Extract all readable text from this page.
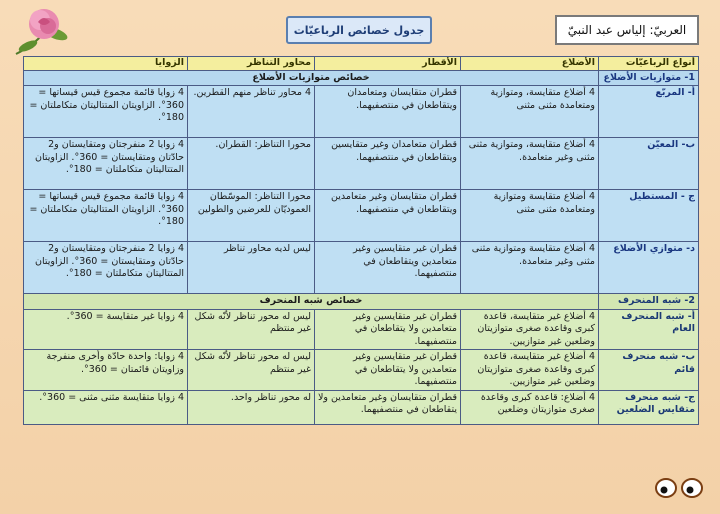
جدول خصائص الرباعيّات	العربيّ: إلياس عبد النبيّ
أنواع الرباعيّات	الأضلاع	الأقطار	محاور التناظر	الزوايا
1- متوازيات الأضلاع	خصائص متوازيات الأضلاع			
أ- المربّع	4 أضلاع متقايسة، ومتوازية ومتعامدة مثنى مثنى	قطران متقايسان ومتعامدان ويتقاطعان في منتصفيهما.	4 محاور تناظر منهم القطرين.	4 زوايا قائمة مجموع قيس قيساتها = 360°. الزاويتان المتتاليتان متكاملتان = 180°.
ب- المعيّن	4 أضلاع متقايسة، ومتوازية مثنى مثنى وغير متعامدة.	قطران متعامدان وغير متقايسين ويتقاطعان في منتصفيهما.	محورا التناظر: القطران.	4 زوايا 2 منفرجتان ومتقايستان و2 حادّتان ومتقايستان = 360°. الزاويتان المتتاليتان متكاملتان = 180°.
ج - المستطيل	4 أضلاع متقايسة ومتوازية ومتعامدة مثنى مثنى	قطران متقايسان وغير متعامدين ويتقاطعان في منتصفيهما.	محورا التناظر: الموسّطان العموديّان للعرضين والطولين	4 زوايا قائمة مجموع قيس قيساتها = 360°. الزاويتان المتتاليتان متكاملتان = 180°.
د- متوازي الأضلاع	4 أضلاع متقايسة ومتوازية مثنى مثنى وغير متعامدة.	قطران غير متقايسين وغير متعامدين ويتقاطعان في منتصفيهما.	ليس لديه محاور تناظر	4 زوايا 2 منفرجتان ومتقايستان و2 حادّتان ومتقايستان = 360°. الزاويتان المتتاليتان متكاملتان = 180°.
2- شبه المنحرف	خصائص شبه المنحرف			
أ- شبه المنحرف العام	4 أضلاع غير متقايسة، قاعدة كبرى وقاعدة صغرى متوازيتان وضلعين غير متوازيين.	قطران غير متقايسين وغير متعامدين ولا يتقاطعان في منتصفيهما.	ليس له محور تناظر لأنّه شكل غير منتظم	4 زوايا غير متقايسة = 360°.
ب- شبه منحرف قائم	4 أضلاع غير متقايسة، قاعدة كبرى وقاعدة صغرى متوازيتان وضلعين غير متوازيين.	قطران غير متقايسين وغير متعامدين ولا يتقاطعان في منتصفيهما.	ليس له محور تناظر لأنّه شكل غير منتظم	4 زوايا: واحدة حادّة وأخرى منفرجة وزاويتان قائمتان = 360°.
ج- شبه منحرف متقايس الضلعين	4 أضلاع: قاعدة كبرى وقاعدة صغرى متوازيتان وضلعين	قطران متقايسان وغير متعامدين ولا يتقاطعان في منتصفيهما.	له محور تناظر واحد.	4 زوايا متقايسة مثنى مثنى = 360°.
